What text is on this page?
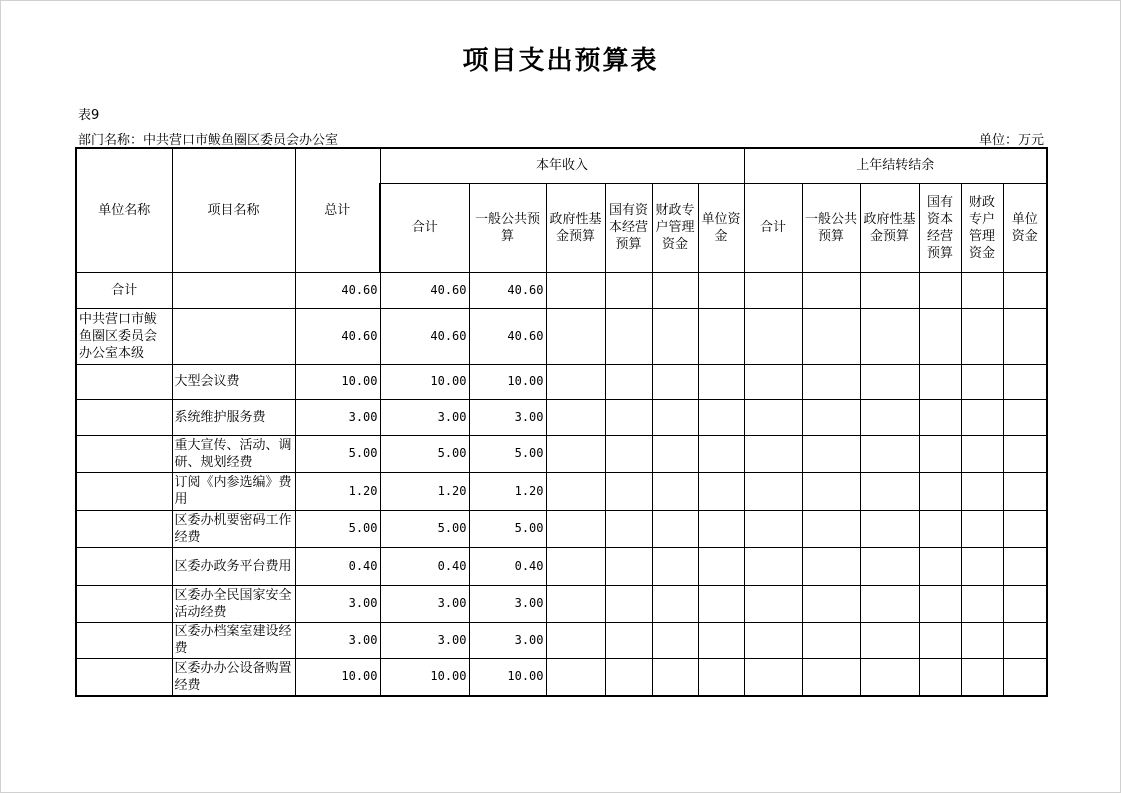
项目支出预算表
表9
部门名称：中共营口市鲅鱼圈区委员会办公室	单位：万元
单位名称	项目名称	总计	本年收入						上年结转结余					
			合计	一般公共预算	政府性基金预算	国有资本经营预算	财政专户管理资金	单位资金	合计	一般公共预算	政府性基金预算	国有资本经营预算	财政专户管理资金	单位资金
合计		40.60	40.60	40.60										
中共营口市鲅鱼圈区委员会办公室本级		40.60	40.60	40.60										
	大型会议费	10.00	10.00	10.00										
	系统维护服务费	3.00	3.00	3.00										
	重大宣传、活动、调研、规划经费	5.00	5.00	5.00										
	订阅《内参选编》费用	1.20	1.20	1.20										
	区委办机要密码工作经费	5.00	5.00	5.00										
	区委办政务平台费用	0.40	0.40	0.40										
	区委办全民国家安全活动经费	3.00	3.00	3.00										
	区委办档案室建设经费	3.00	3.00	3.00										
	区委办办公设备购置经费	10.00	10.00	10.00										
